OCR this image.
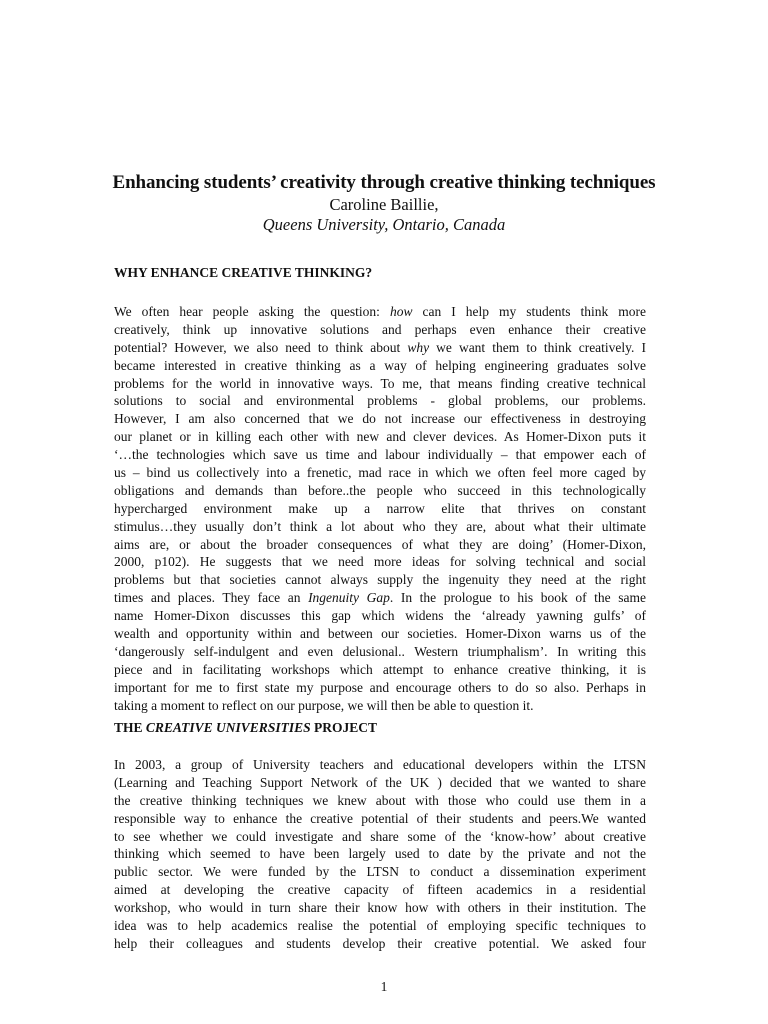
Enhancing students’ creativity through creative thinking techniques
Caroline Baillie,
Queens University, Ontario, Canada
WHY ENHANCE CREATIVE THINKING?
We often hear people asking the question: how can I help my students think more
creatively, think up innovative solutions and perhaps even enhance their creative
potential? However, we also need to think about why we want them to think creatively. I
became interested in creative thinking as a way of helping engineering graduates solve
problems for the world in innovative ways. To me, that means finding creative technical
solutions to social and environmental problems - global problems, our problems.
However, I am also concerned that we do not increase our effectiveness in destroying
our planet or in killing each other with new and clever devices. As Homer-Dixon puts it
‘…the technologies which save us time and labour individually – that empower each of
us – bind us collectively into a frenetic, mad race in which we often feel more caged by
obligations and demands than before..the people who succeed in this technologically
hypercharged environment make up a narrow elite that thrives on constant
stimulus…they usually don’t think a lot about who they are, about what their ultimate
aims are, or about the broader consequences of what they are doing’ (Homer-Dixon,
2000, p102). He suggests that we need more ideas for solving technical and social
problems but that societies cannot always supply the ingenuity they need at the right
times and places. They face an Ingenuity Gap. In the prologue to his book of the same
name Homer-Dixon discusses this gap which widens the ‘already yawning gulfs’ of
wealth and opportunity within and between our societies. Homer-Dixon warns us of the
‘dangerously self-indulgent and even delusional.. Western triumphalism’. In writing this
piece and in facilitating workshops which attempt to enhance creative thinking, it is
important for me to first state my purpose and encourage others to do so also. Perhaps in
taking a moment to reflect on our purpose, we will then be able to question it.
THE CREATIVE UNIVERSITIES PROJECT
In 2003, a group of University teachers and educational developers within the LTSN
(Learning and Teaching Support Network of the UK ) decided that we wanted to share
the creative thinking techniques we knew about with those who could use them in a
responsible way to enhance the creative potential of their students and peers.We wanted
to see whether we could investigate and share some of the ‘know-how’ about creative
thinking which seemed to have been largely used to date by the private and not the
public sector. We were funded by the LTSN to conduct a dissemination experiment
aimed at developing the creative capacity of fifteen academics in a residential
workshop, who would in turn share their know how with others in their institution. The
idea was to help academics realise the potential of employing specific techniques to
help their colleagues and students develop their creative potential. We asked four
1
